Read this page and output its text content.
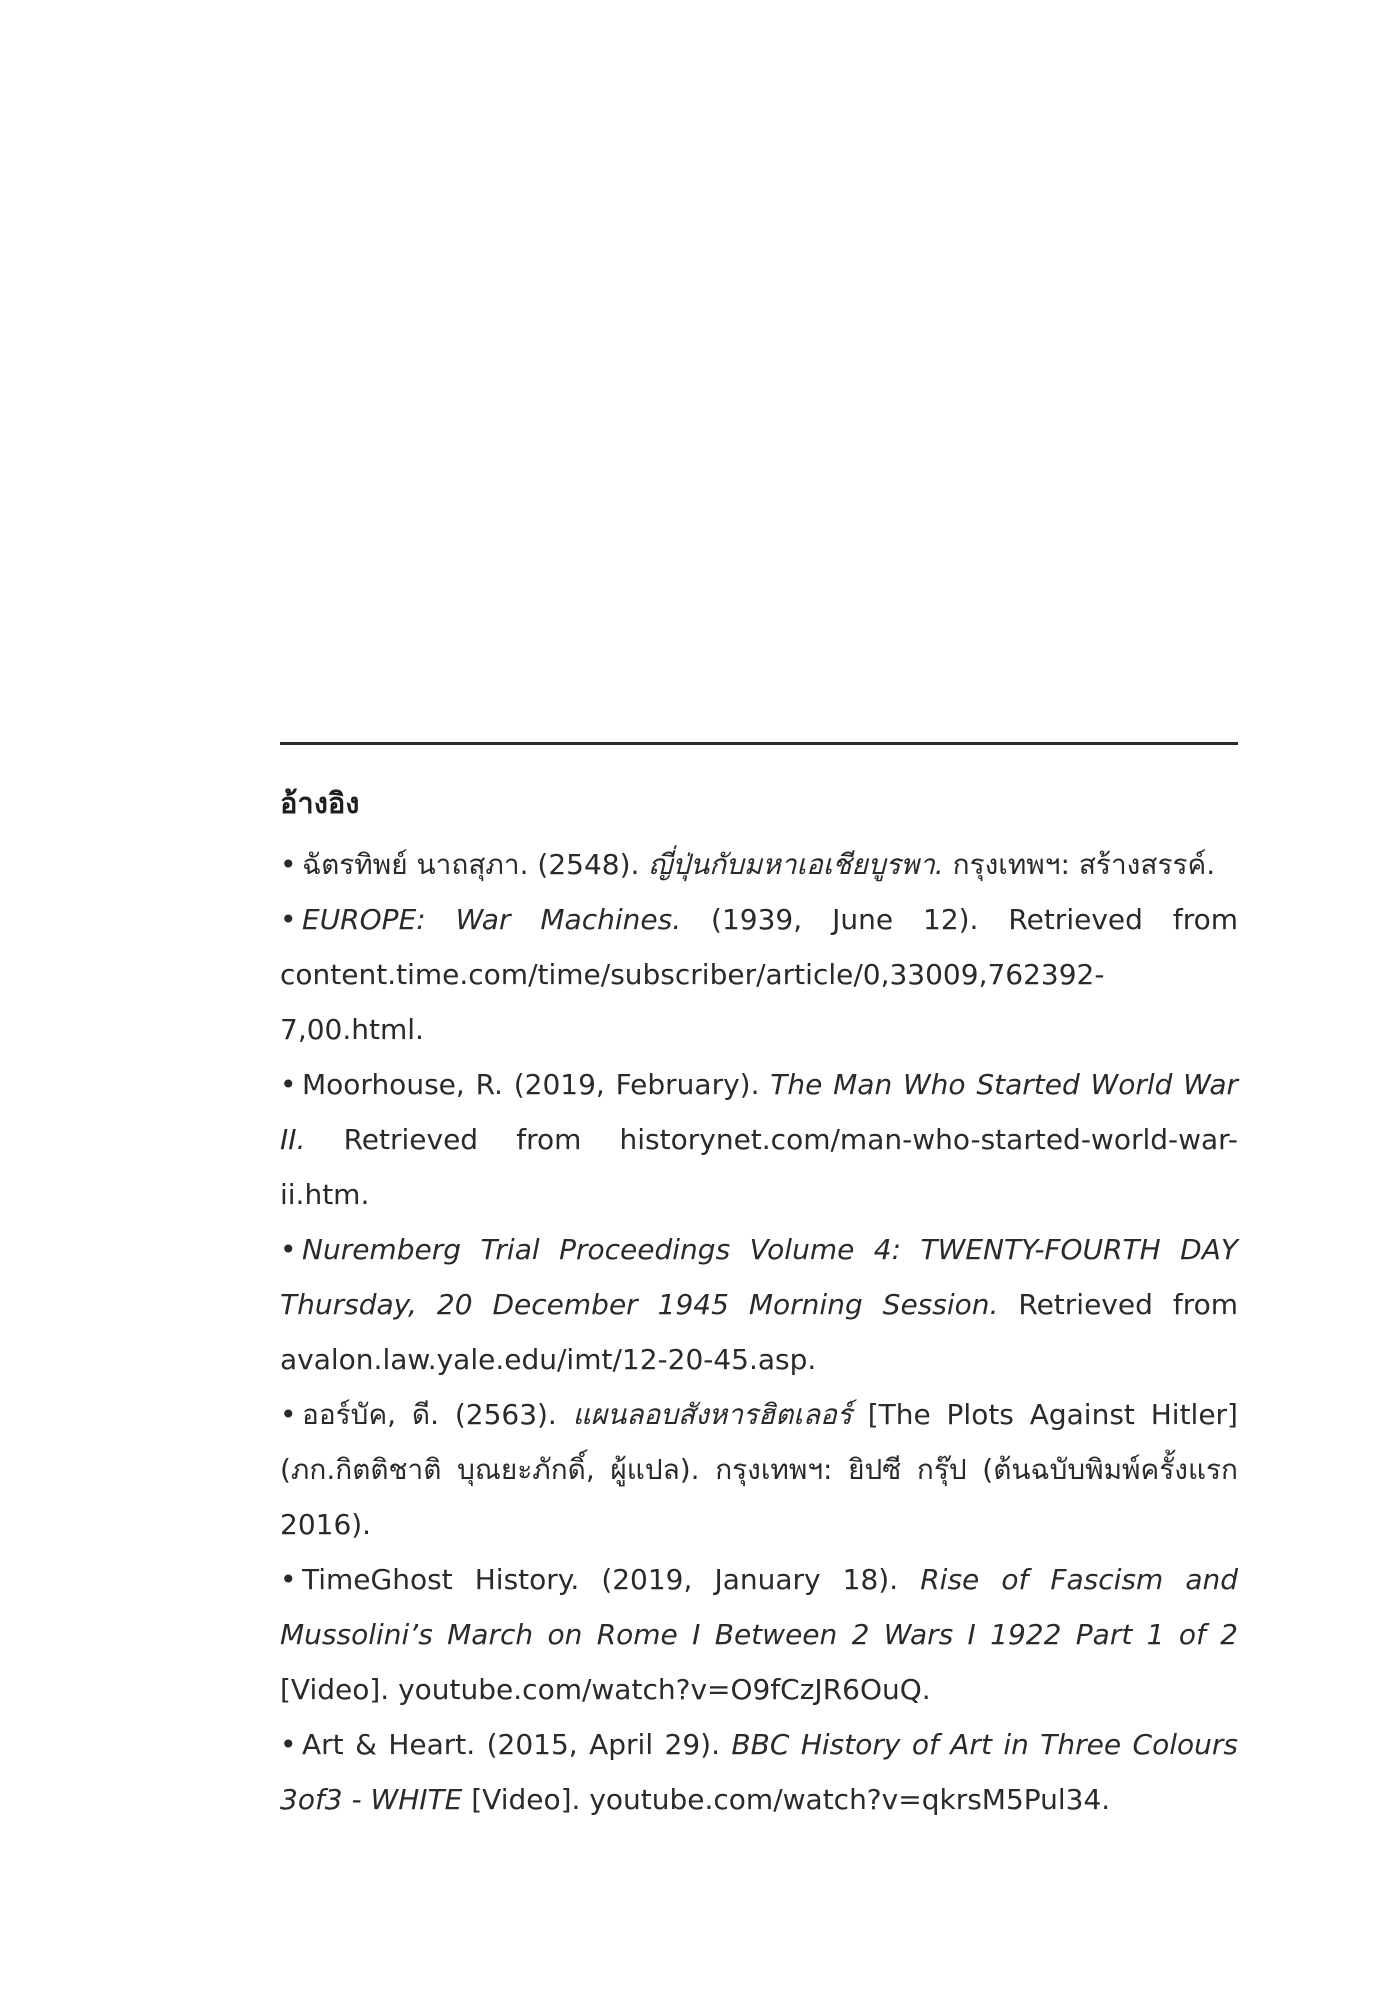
อ้างอิง
• ฉัตรทิพย์ นาถสุภา. (2548). ญี่ปุ่นกับมหาเอเชียบูรพา. กรุงเทพฯ: สร้างสรรค์.
• EUROPE: War Machines. (1939, June 12). Retrieved from content.time.com/time/subscriber/article/0,33009,762392-7,00.html.
• Moorhouse, R. (2019, February). The Man Who Started World War II. Retrieved from historynet.com/man-who-started-world-war-ii.htm.
• Nuremberg Trial Proceedings Volume 4: TWENTY-FOURTH DAY Thursday, 20 December 1945 Morning Session. Retrieved from avalon.law.yale.edu/imt/12-20-45.asp.
• ออร์บัค, ดี. (2563). แผนลอบสังหารฮิตเลอร์ [The Plots Against Hitler] (ภก.กิตติชาติ บุณยะภักดิ์, ผู้แปล). กรุงเทพฯ: ยิปซี กรุ๊ป (ต้นฉบับพิมพ์ครั้งแรก 2016).
• TimeGhost History. (2019, January 18). Rise of Fascism and Mussolini’s March on Rome I Between 2 Wars I 1922 Part 1 of 2 [Video]. youtube.com/watch?v=O9fCzJR6OuQ.
• Art & Heart. (2015, April 29). BBC History of Art in Three Colours 3of3 - WHITE [Video]. youtube.com/watch?v=qkrsM5Pul34.
